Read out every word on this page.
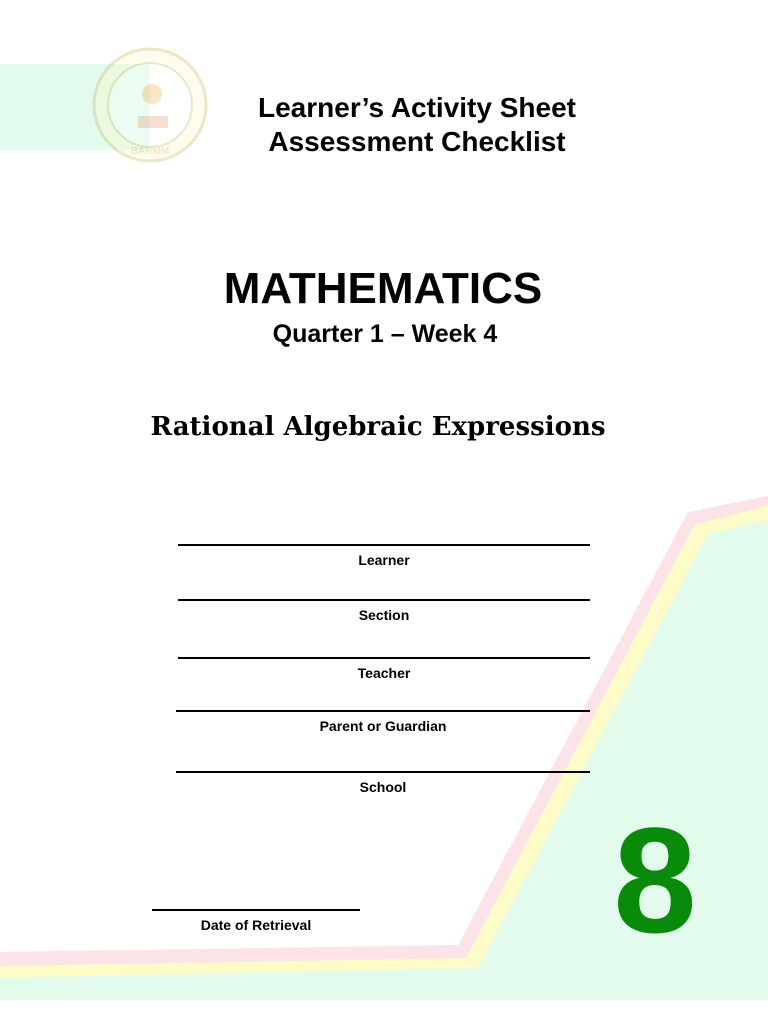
BARMM
Learner’s Activity Sheet
Assessment Checklist
MATHEMATICS
Quarter 1 – Week 4
Rational Algebraic Expressions
Learner
Section
Teacher
Parent or Guardian
School
Date of Retrieval	8
